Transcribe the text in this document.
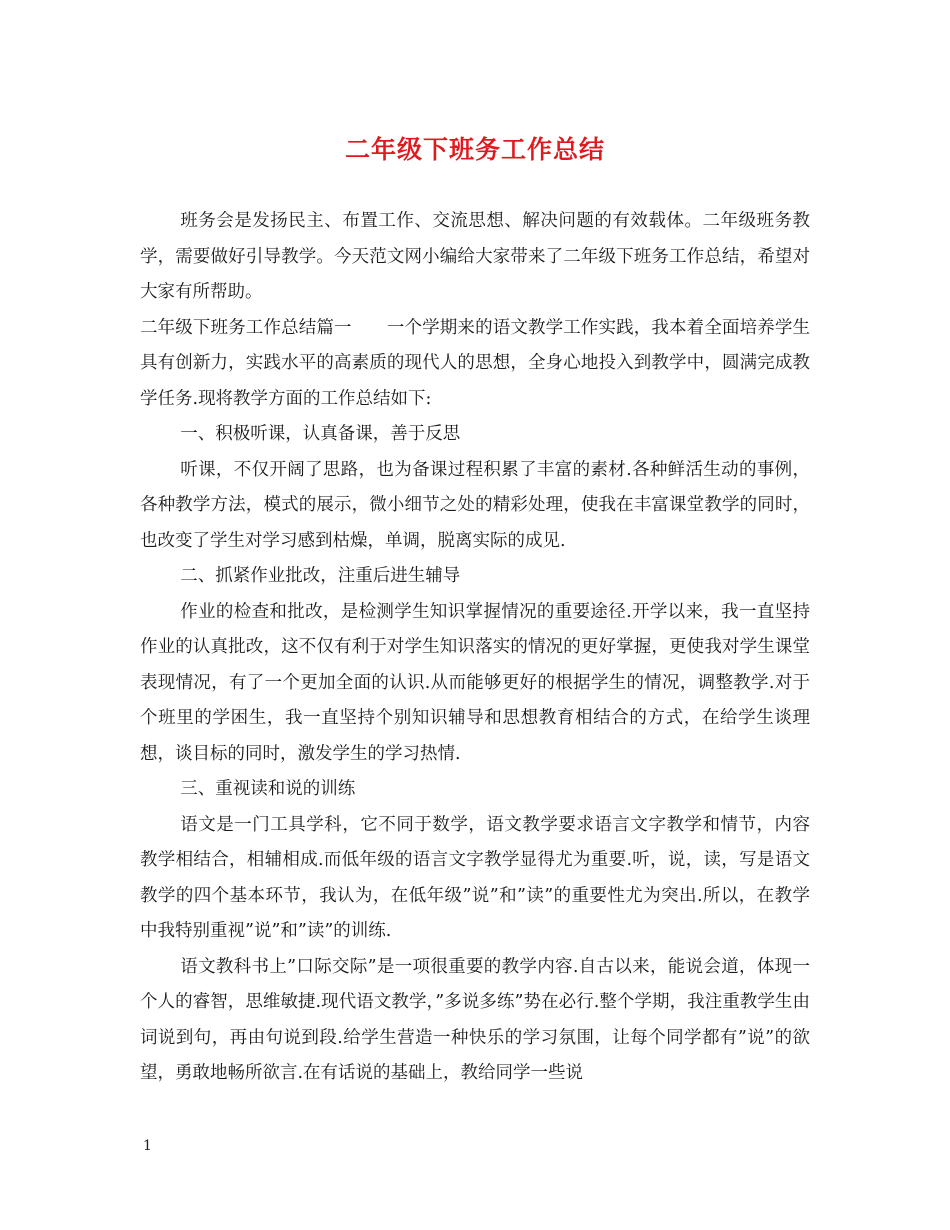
二年级下班务工作总结

班务会是发扬民主、布置工作、交流思想、解决问题的有效载体。二年级班务教学，需要做好引导教学。今天范文网小编给大家带来了二年级下班务工作总结，希望对大家有所帮助。

二年级下班务工作总结篇一　　一个学期来的语文教学工作实践，我本着全面培养学生具有创新力，实践水平的高素质的现代人的思想，全身心地投入到教学中，圆满完成教学任务.现将教学方面的工作总结如下:

一、积极听课，认真备课，善于反思

听课，不仅开阔了思路，也为备课过程积累了丰富的素材.各种鲜活生动的事例，各种教学方法，模式的展示，微小细节之处的精彩处理，使我在丰富课堂教学的同时，也改变了学生对学习感到枯燥，单调，脱离实际的成见.

二、抓紧作业批改，注重后进生辅导

作业的检查和批改，是检测学生知识掌握情况的重要途径.开学以来，我一直坚持作业的认真批改，这不仅有利于对学生知识落实的情况的更好掌握，更使我对学生课堂表现情况，有了一个更加全面的认识.从而能够更好的根据学生的情况，调整教学.对于个班里的学困生，我一直坚持个别知识辅导和思想教育相结合的方式，在给学生谈理想，谈目标的同时，激发学生的学习热情.

三、重视读和说的训练

语文是一门工具学科，它不同于数学，语文教学要求语言文字教学和情节，内容教学相结合，相辅相成.而低年级的语言文字教学显得尤为重要.听，说，读，写是语文教学的四个基本环节，我认为，在低年级”说”和”读”的重要性尤为突出.所以，在教学中我特别重视”说”和”读”的训练.

语文教科书上”口际交际”是一项很重要的教学内容.自古以来，能说会道，体现一个人的睿智，思维敏捷.现代语文教学，”多说多练”势在必行.整个学期，我注重教学生由词说到句，再由句说到段.给学生营造一种快乐的学习氛围，让每个同学都有”说”的欲望，勇敢地畅所欲言.在有话说的基础上，教给同学一些说

1
